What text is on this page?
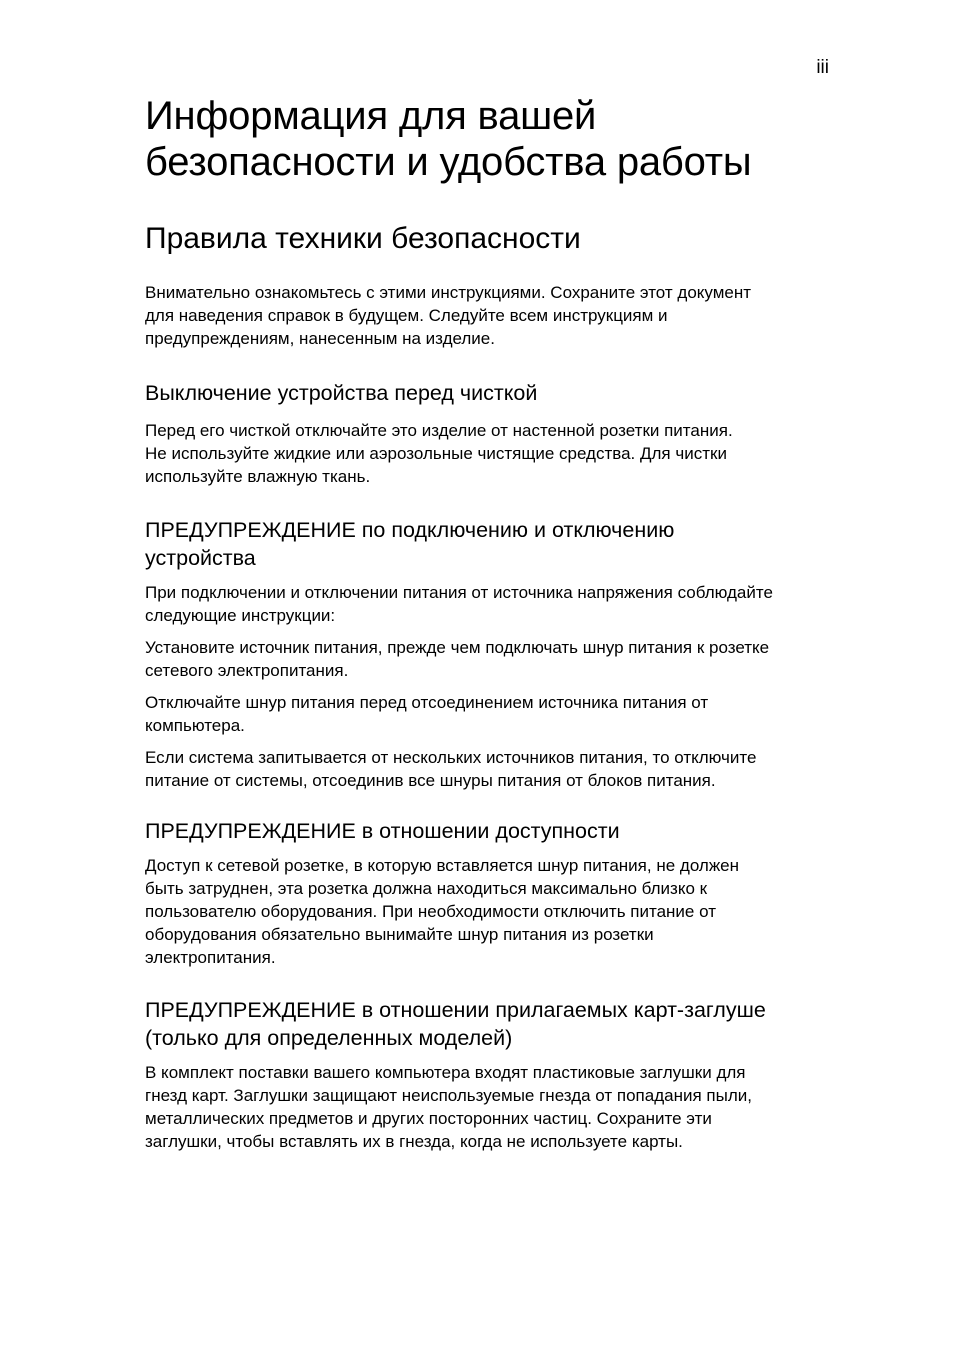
iii
Информация для вашей
безопасности и удобства работы
Правила техники безопасности

Внимательно ознакомьтесь с этими инструкциями. Сохраните этот документ
для наведения справок в будущем. Следуйте всем инструкциям и
предупреждениям, нанесенным на изделие.

Выключение устройства перед чисткой

Перед его чисткой отключайте это изделие от настенной розетки питания.
Не используйте жидкие или аэрозольные чистящие средства. Для чистки
используйте влажную ткань.

ПРЕДУПРЕЖДЕНИЕ по подключению и отключению
устройства

При подключении и отключении питания от источника напряжения соблюдайте
следующие инструкции:

Установите источник питания, прежде чем подключать шнур питания к розетке
сетевого электропитания.

Отключайте шнур питания перед отсоединением источника питания от
компьютера.

Если система запитывается от нескольких источников питания, то отключите
питание от системы, отсоединив все шнуры питания от блоков питания.

ПРЕДУПРЕЖДЕНИЕ в отношении доступности

Доступ к сетевой розетке, в которую вставляется шнур питания, не должен
быть затруднен, эта розетка должна находиться максимально близко к
пользователю оборудования. При необходимости отключить питание от
оборудования обязательно вынимайте шнур питания из розетки
электропитания.

ПРЕДУПРЕЖДЕНИЕ в отношении прилагаемых карт-заглуше
(только для определенных моделей)

В комплект поставки вашего компьютера входят пластиковые заглушки для
гнезд карт. Заглушки защищают неиспользуемые гнезда от попадания пыли,
металлических предметов и других посторонних частиц. Сохраните эти
заглушки, чтобы вставлять их в гнезда, когда не используете карты.
